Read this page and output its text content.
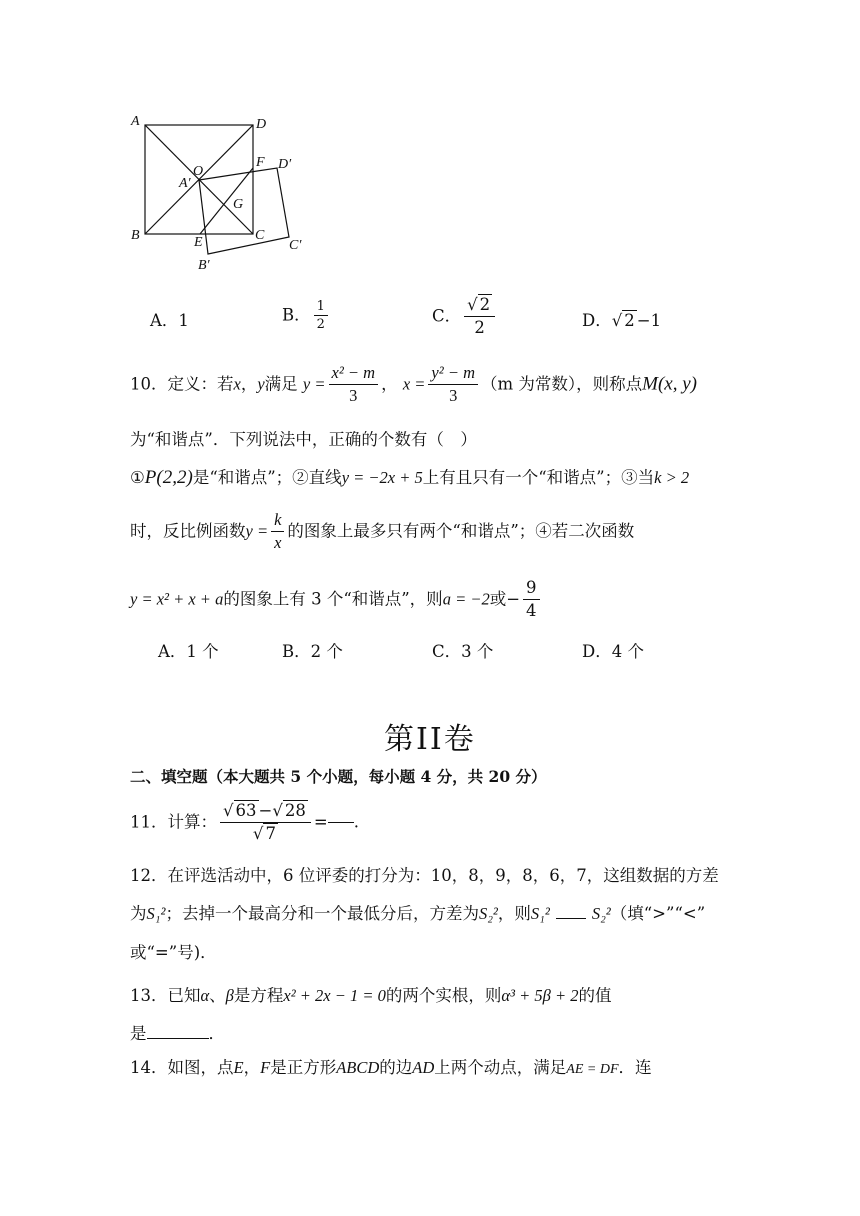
A	D
B	C
O
A′
F D′
G
E
B′
C′
A．1	B． $\frac{1}{2}$	C． $\frac{√ 2}{2}$	D．√ 2 −1
10．定义：若x，y满足 $y = \frac{\text{x² − m}}{3}$ ， $x = \frac{\text{y² − m}}{3} (m$ 为常数），则称点M(x, y)
为“和谐点”．下列说法中，正确的个数有（　）
①P(2,2)是“和谐点”；②直线y = −2x + 5上有且只有一个“和谐点”；③当k > 2
时，反比例函数$y = \frac{k}{x}$ 的图象上最多只有两个“和谐点”；④若二次函数
y = x² + x + a的图象上有 3 个“和谐点”，则a = −2或− $\frac{9}{4}$
A．1 个	B．2 个	C．3 个	D．4 个
第II卷
二、填空题（本大题共 5 个小题，每小题 4 分，共 20 分）
11．计算： $\frac{√ 63 -√ 28}{√ 7}$ = .
12．在评选活动中，6 位评委的打分为：10，8，9，8，6，7，这组数据的方差
为S₁²；去掉一个最高分和一个最低分后，方差为S₂²，则S₁²	S₂²（填“>”“<”
或“=”号)．
13．已知α、β是方程x² + 2x − 1 = 0的两个实根，则α³ + 5β + 2的值
是	．
14．如图，点E，F是正方形ABCD的边AD上两个动点，满足AE = DF．连
